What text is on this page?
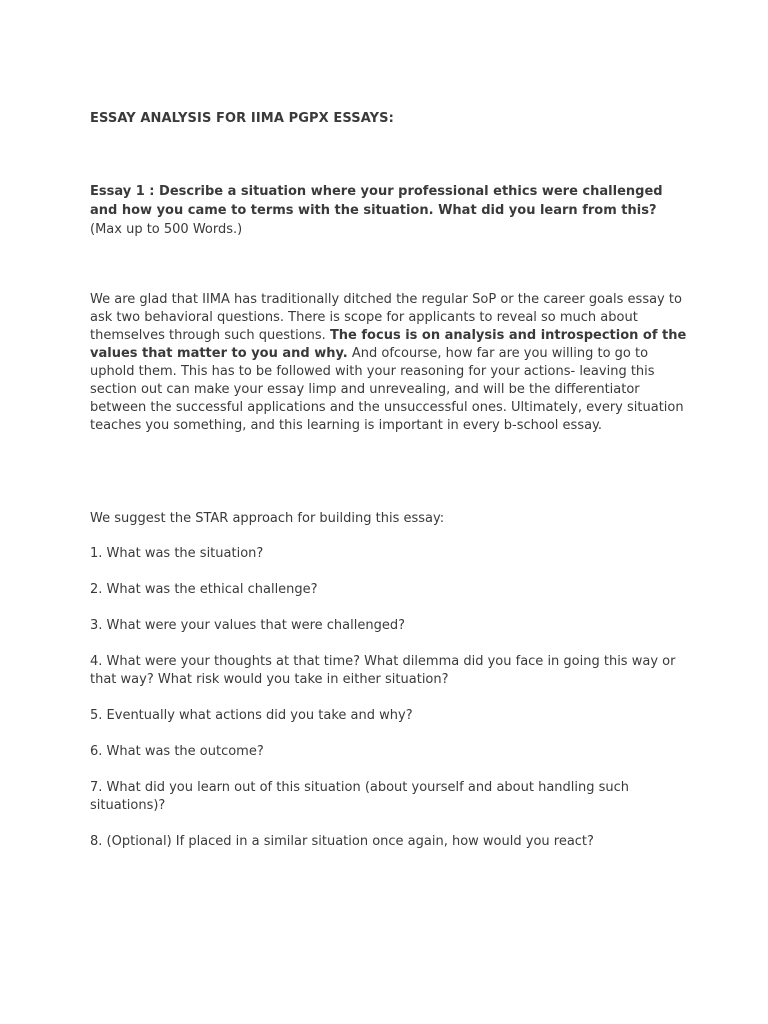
ESSAY ANALYSIS FOR IIMA PGPX ESSAYS:
Essay 1 : Describe a situation where your professional ethics were challenged and how you came to terms with the situation. What did you learn from this? (Max up to 500 Words.)
We are glad that IIMA has traditionally ditched the regular SoP or the career goals essay to ask two behavioral questions. There is scope for applicants to reveal so much about themselves through such questions. The focus is on analysis and introspection of the values that matter to you and why. And ofcourse, how far are you willing to go to uphold them. This has to be followed with your reasoning for your actions- leaving this section out can make your essay limp and unrevealing, and will be the differentiator between the successful applications and the unsuccessful ones. Ultimately, every situation teaches you something, and this learning is important in every b-school essay.
We suggest the STAR approach for building this essay:
1. What was the situation?
2. What was the ethical challenge?
3. What were your values that were challenged?
4. What were your thoughts at that time? What dilemma did you face in going this way or that way? What risk would you take in either situation?
5. Eventually what actions did you take and why?
6. What was the outcome?
7. What did you learn out of this situation (about yourself and about handling such situations)?
8. (Optional) If placed in a similar situation once again, how would you react?
